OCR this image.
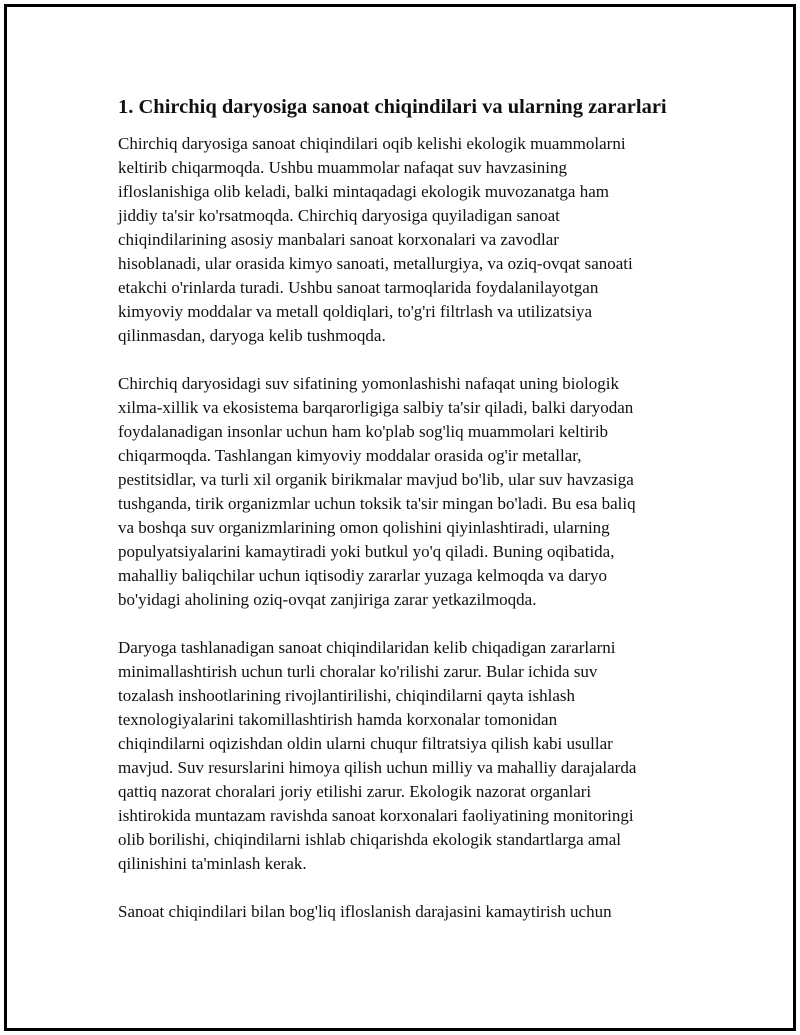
1. Chirchiq daryosiga sanoat chiqindilari va ularning zararlari

Chirchiq daryosiga sanoat chiqindilari oqib kelishi ekologik muammolarni
keltirib chiqarmoqda. Ushbu muammolar nafaqat suv havzasining
ifloslanishiga olib keladi, balki mintaqadagi ekologik muvozanatga ham
jiddiy ta'sir ko'rsatmoqda. Chirchiq daryosiga quyiladigan sanoat
chiqindilarining asosiy manbalari sanoat korxonalari va zavodlar
hisoblanadi, ular orasida kimyo sanoati, metallurgiya, va oziq-ovqat sanoati
etakchi o'rinlarda turadi. Ushbu sanoat tarmoqlarida foydalanilayotgan
kimyoviy moddalar va metall qoldiqlari, to'g'ri filtrlash va utilizatsiya
qilinmasdan, daryoga kelib tushmoqda.

Chirchiq daryosidagi suv sifatining yomonlashishi nafaqat uning biologik
xilma-xillik va ekosistema barqarorligiga salbiy ta'sir qiladi, balki daryodan
foydalanadigan insonlar uchun ham ko'plab sog'liq muammolari keltirib
chiqarmoqda. Tashlangan kimyoviy moddalar orasida og'ir metallar,
pestitsidlar, va turli xil organik birikmalar mavjud bo'lib, ular suv havzasiga
tushganda, tirik organizmlar uchun toksik ta'sir mingan bo'ladi. Bu esa baliq
va boshqa suv organizmlarining omon qolishini qiyinlashtiradi, ularning
populyatsiyalarini kamaytiradi yoki butkul yo'q qiladi. Buning oqibatida,
mahalliy baliqchilar uchun iqtisodiy zararlar yuzaga kelmoqda va daryo
bo'yidagi aholining oziq-ovqat zanjiriga zarar yetkazilmoqda.

Daryoga tashlanadigan sanoat chiqindilaridan kelib chiqadigan zararlarni
minimallashtirish uchun turli choralar ko'rilishi zarur. Bular ichida suv
tozalash inshootlarining rivojlantirilishi, chiqindilarni qayta ishlash
texnologiyalarini takomillashtirish hamda korxonalar tomonidan
chiqindilarni oqizishdan oldin ularni chuqur filtratsiya qilish kabi usullar
mavjud. Suv resurslarini himoya qilish uchun milliy va mahalliy darajalarda
qattiq nazorat choralari joriy etilishi zarur. Ekologik nazorat organlari
ishtirokida muntazam ravishda sanoat korxonalari faoliyatining monitoringi
olib borilishi, chiqindilarni ishlab chiqarishda ekologik standartlarga amal
qilinishini ta'minlash kerak.

Sanoat chiqindilari bilan bog'liq ifloslanish darajasini kamaytirish uchun
